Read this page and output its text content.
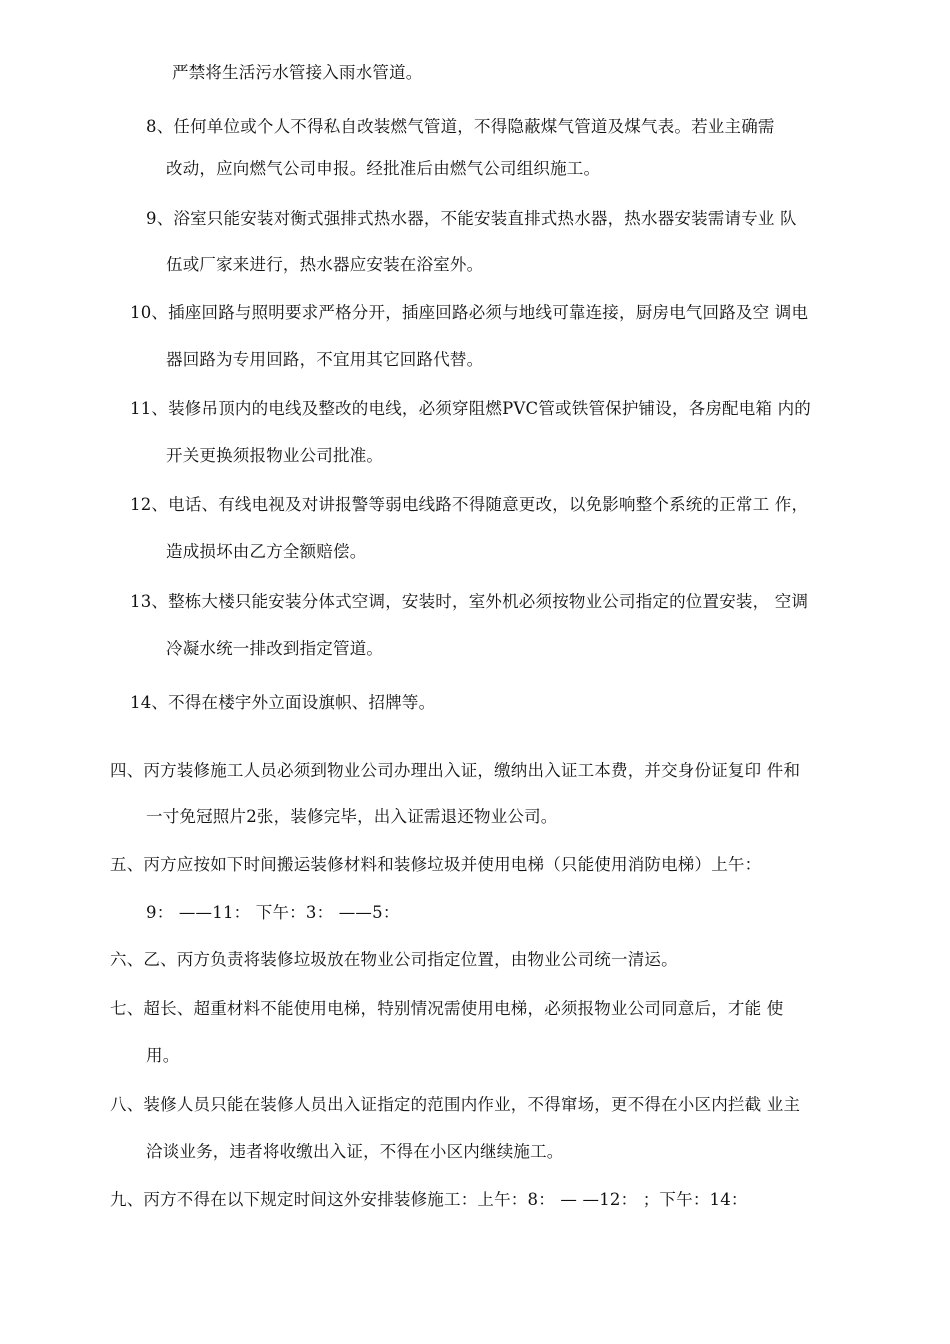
严禁将生活污水管接入雨水管道。
8、任何单位或个人不得私自改装燃气管道，不得隐蔽煤气管道及煤气表。若业主确需
改动，应向燃气公司申报。经批准后由燃气公司组织施工。
9、浴室只能安装对衡式强排式热水器，不能安装直排式热水器，热水器安装需请专业 队
伍或厂家来进行，热水器应安装在浴室外。
10、插座回路与照明要求严格分开，插座回路必须与地线可靠连接，厨房电气回路及空 调电
器回路为专用回路，不宜用其它回路代替。
11、装修吊顶内的电线及整改的电线，必须穿阻燃PVC管或铁管保护铺设，各房配电箱 内的
开关更换须报物业公司批准。
12、电话、有线电视及对讲报警等弱电线路不得随意更改，以免影响整个系统的正常工 作，
造成损坏由乙方全额赔偿。
13、整栋大楼只能安装分体式空调，安装时，室外机必须按物业公司指定的位置安装， 空调
冷凝水统一排改到指定管道。
14、不得在楼宇外立面设旗帜、招牌等。
四、丙方装修施工人员必须到物业公司办理出入证，缴纳出入证工本费，并交身份证复印 件和
一寸免冠照片2张，装修完毕，出入证需退还物业公司。
五、丙方应按如下时间搬运装修材料和装修垃圾并使用电梯（只能使用消防电梯）上午：
9： ——11： 下午：3： ——5：
六、乙、丙方负责将装修垃圾放在物业公司指定位置，由物业公司统一清运。
七、超长、超重材料不能使用电梯，特别情况需使用电梯，必须报物业公司同意后，才能 使
用。
八、装修人员只能在装修人员出入证指定的范围内作业，不得窜场，更不得在小区内拦截 业主
洽谈业务，违者将收缴出入证，不得在小区内继续施工。
九、丙方不得在以下规定时间这外安排装修施工：上午：8： — —12： ；下午：14：
